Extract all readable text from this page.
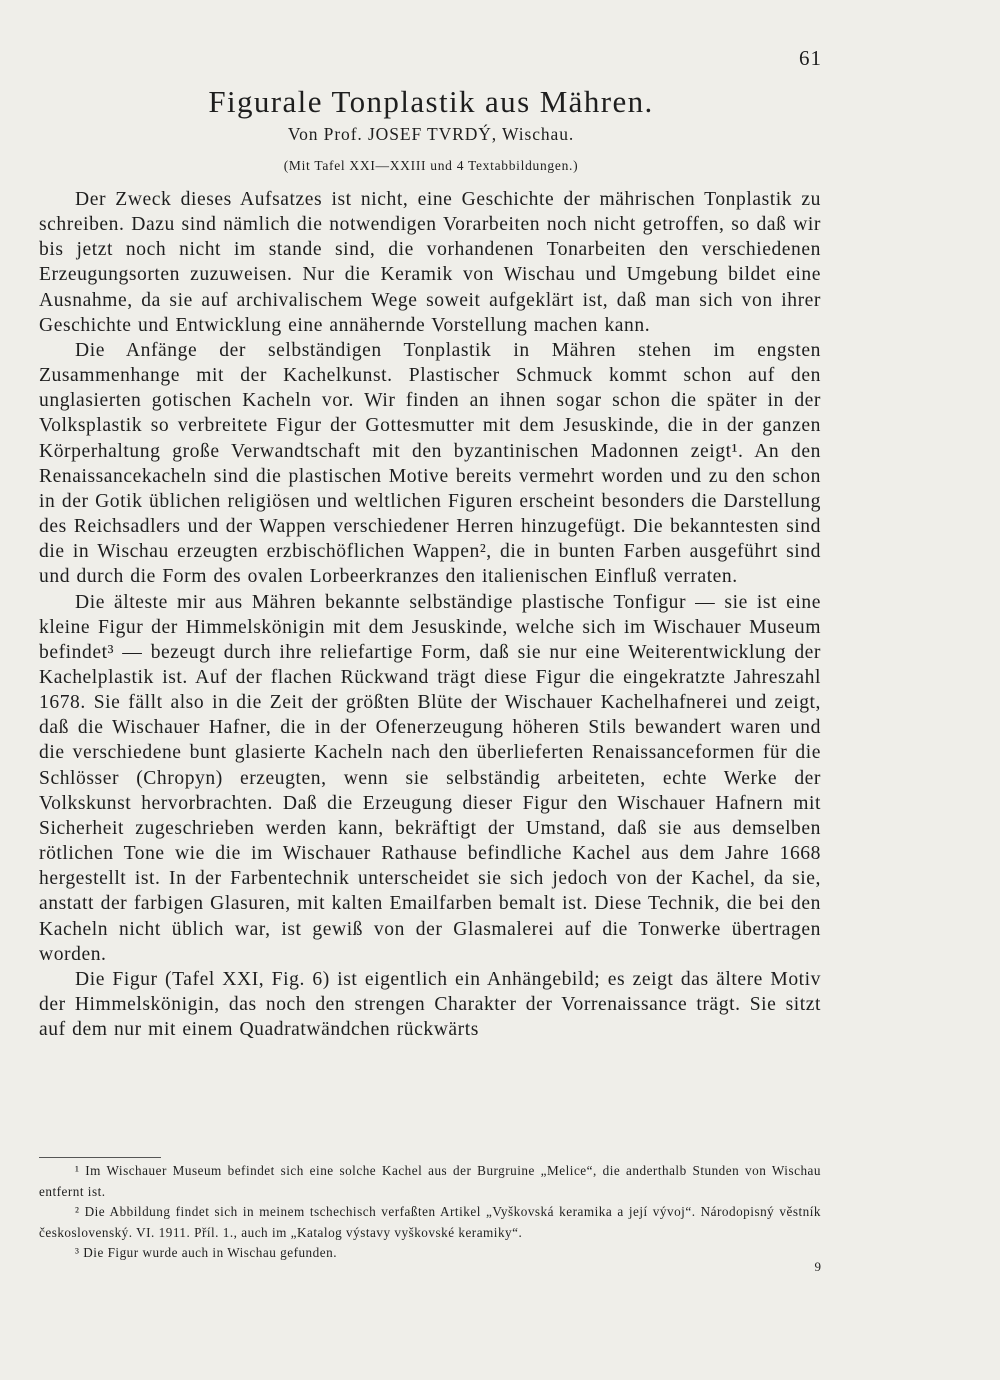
61
Figurale Tonplastik aus Mähren.
Von Prof. JOSEF TVRDÝ, Wischau.
(Mit Tafel XXI—XXIII und 4 Textabbildungen.)

Der Zweck dieses Aufsatzes ist nicht, eine Geschichte der mährischen Tonplastik zu schreiben. Dazu sind nämlich die notwendigen Vorarbeiten noch nicht getroffen, so daß wir bis jetzt noch nicht im stande sind, die vorhandenen Tonarbeiten den verschiedenen Erzeugungsorten zuzuweisen. Nur die Keramik von Wischau und Umgebung bildet eine Ausnahme, da sie auf archivalischem Wege soweit aufgeklärt ist, daß man sich von ihrer Geschichte und Entwicklung eine annähernde Vorstellung machen kann.

Die Anfänge der selbständigen Tonplastik in Mähren stehen im engsten Zusammenhange mit der Kachelkunst. Plastischer Schmuck kommt schon auf den unglasierten gotischen Kacheln vor. Wir finden an ihnen sogar schon die später in der Volksplastik so verbreitete Figur der Gottesmutter mit dem Jesuskinde, die in der ganzen Körperhaltung große Verwandtschaft mit den byzantinischen Madonnen zeigt¹. An den Renaissancekacheln sind die plastischen Motive bereits vermehrt worden und zu den schon in der Gotik üblichen religiösen und weltlichen Figuren erscheint besonders die Darstellung des Reichsadlers und der Wappen verschiedener Herren hinzugefügt. Die bekanntesten sind die in Wischau erzeugten erzbischöflichen Wappen², die in bunten Farben ausgeführt sind und durch die Form des ovalen Lorbeerkranzes den italienischen Einfluß verraten.

Die älteste mir aus Mähren bekannte selbständige plastische Tonfigur — sie ist eine kleine Figur der Himmelskönigin mit dem Jesuskinde, welche sich im Wischauer Museum befindet³ — bezeugt durch ihre reliefartige Form, daß sie nur eine Weiterentwicklung der Kachelplastik ist. Auf der flachen Rückwand trägt diese Figur die eingekratzte Jahreszahl 1678. Sie fällt also in die Zeit der größten Blüte der Wischauer Kachelhafnerei und zeigt, daß die Wischauer Hafner, die in der Ofenerzeugung höheren Stils bewandert waren und die verschiedene bunt glasierte Kacheln nach den überlieferten Renaissanceformen für die Schlösser (Chropyn) erzeugten, wenn sie selbständig arbeiteten, echte Werke der Volkskunst hervorbrachten. Daß die Erzeugung dieser Figur den Wischauer Hafnern mit Sicherheit zugeschrieben werden kann, bekräftigt der Umstand, daß sie aus demselben rötlichen Tone wie die im Wischauer Rathause befindliche Kachel aus dem Jahre 1668 hergestellt ist. In der Farbentechnik unterscheidet sie sich jedoch von der Kachel, da sie, anstatt der farbigen Glasuren, mit kalten Emailfarben bemalt ist. Diese Technik, die bei den Kacheln nicht üblich war, ist gewiß von der Glasmalerei auf die Tonwerke übertragen worden.

Die Figur (Tafel XXI, Fig. 6) ist eigentlich ein Anhängebild; es zeigt das ältere Motiv der Himmelskönigin, das noch den strengen Charakter der Vorrenaissance trägt. Sie sitzt auf dem nur mit einem Quadratwändchen rückwärts

¹ Im Wischauer Museum befindet sich eine solche Kachel aus der Burgruine „Melice“, die anderthalb Stunden von Wischau entfernt ist.

² Die Abbildung findet sich in meinem tschechisch verfaßten Artikel „Vyškovská keramika a její vývoj“. Národopisný věstník československý. VI. 1911. Příl. 1., auch im „Katalog výstavy vyškovské keramiky“.

³ Die Figur wurde auch in Wischau gefunden.

9
